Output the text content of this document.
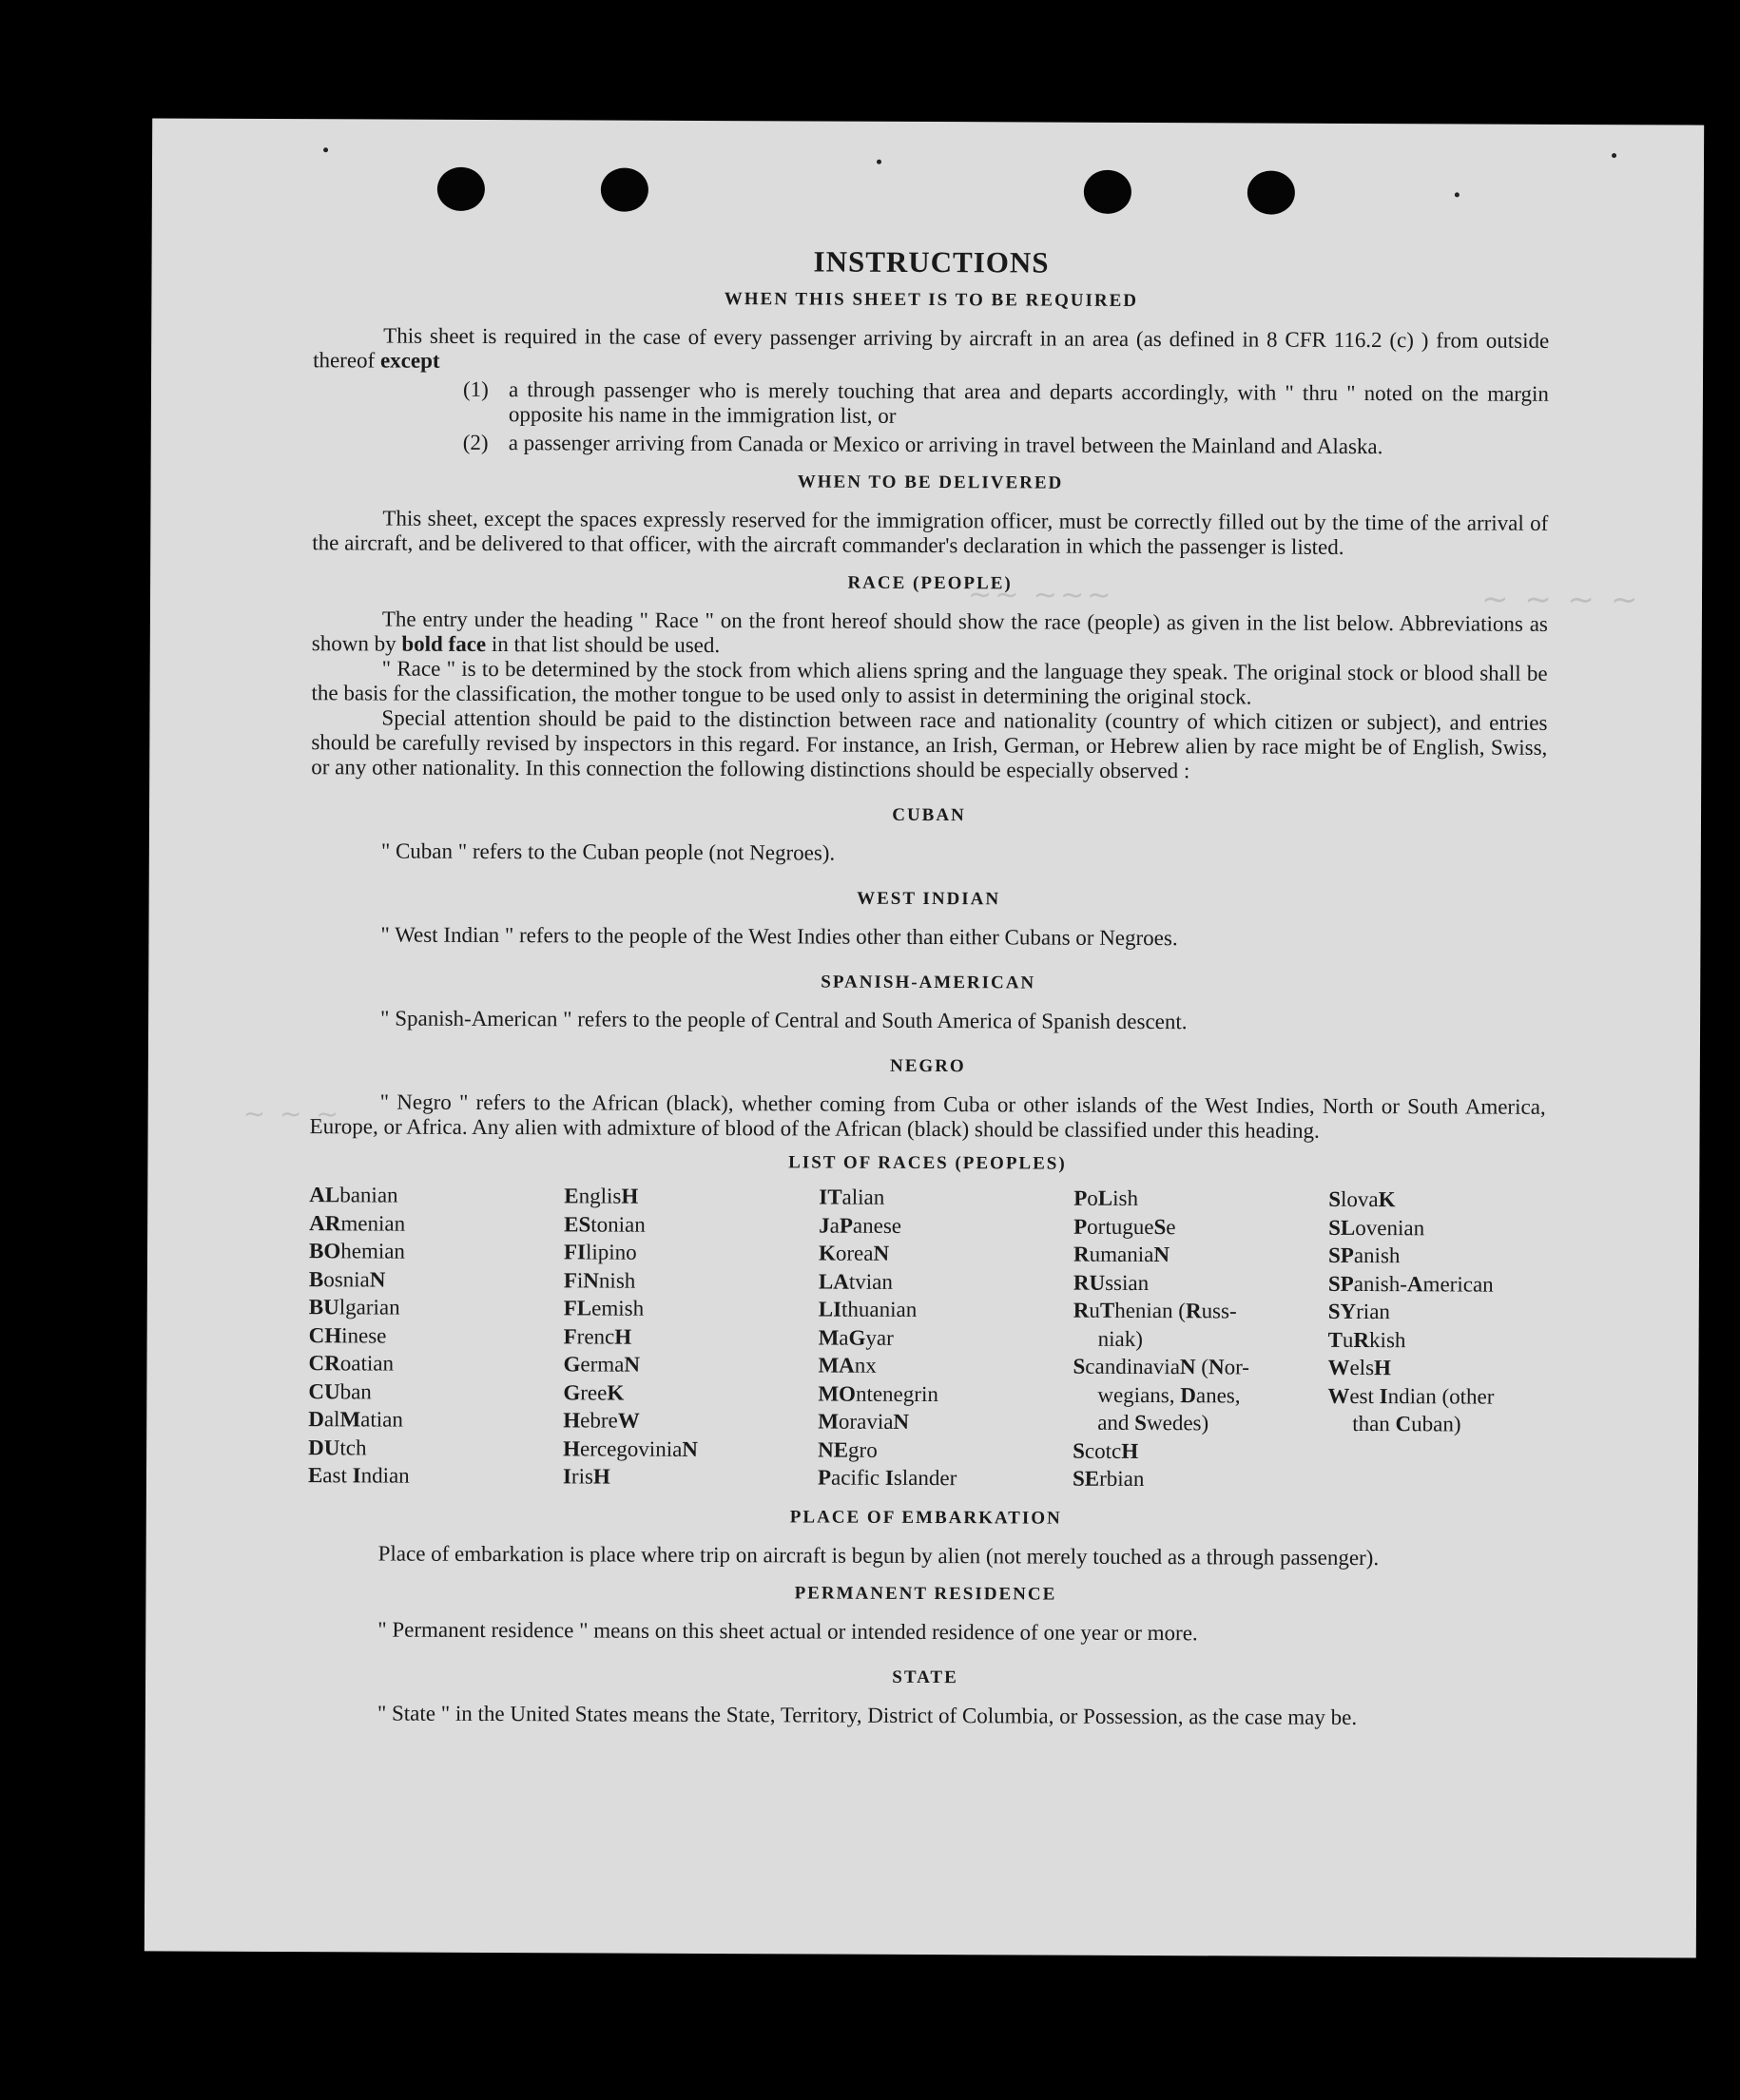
~ ~ ~ ~
~~ ~~~
~ ~ ~
INSTRUCTIONS
WHEN THIS SHEET IS TO BE REQUIRED

This sheet is required in the case of every passenger arriving by aircraft in an area (as defined in 8 CFR 116.2 (c) ) from outside thereof except

(1) a through passenger who is merely touching that area and departs accordingly, with " thru " noted on the margin opposite his name in the immigration list, or
(2) a passenger arriving from Canada or Mexico or arriving in travel between the Mainland and Alaska.
WHEN TO BE DELIVERED

This sheet, except the spaces expressly reserved for the immigration officer, must be correctly filled out by the time of the arrival of the aircraft, and be delivered to that officer, with the aircraft commander's declaration in which the passenger is listed.

RACE (PEOPLE)

The entry under the heading " Race " on the front hereof should show the race (people) as given in the list below. Abbreviations as shown by bold face in that list should be used.

" Race " is to be determined by the stock from which aliens spring and the language they speak. The original stock or blood shall be the basis for the classification, the mother tongue to be used only to assist in determining the original stock.

Special attention should be paid to the distinction between race and nationality (country of which citizen or subject), and entries should be carefully revised by inspectors in this regard. For instance, an Irish, German, or Hebrew alien by race might be of English, Swiss, or any other nationality. In this connection the following distinctions should be especially observed :

CUBAN

" Cuban " refers to the Cuban people (not Negroes).

WEST INDIAN

" West Indian " refers to the people of the West Indies other than either Cubans or Negroes.

SPANISH-AMERICAN

" Spanish-American " refers to the people of Central and South America of Spanish descent.

NEGRO

" Negro " refers to the African (black), whether coming from Cuba or other islands of the West Indies, North or South America, Europe, or Africa. Any alien with admixture of blood of the African (black) should be classified under this heading.

LIST OF RACES (PEOPLES)
ALbanian
ARmenian
BOhemian
BosniaN
BUlgarian
CHinese
CRoatian
CUban
DalMatian
DUtch
East Indian
EnglisH
EStonian
FIlipino
FiNnish
FLemish
FrencH
GermaN
GreeK
HebreW
HercegoviniaN
IrisH
ITalian
JaPanese
KoreaN
LAtvian
LIthuanian
MaGyar
MAnx
MOntenegrin
MoraviaN
NEgro
Pacific Islander
PoLish
PortugueSe
RumaniaN
RUssian
RuThenian (Russ-
niak)
ScandinaviaN (Nor-
wegians, Danes,
and Swedes)
ScotcH
SErbian
SlovaK
SLovenian
SPanish
SPanish-American
SYrian
TuRkish
WelsH
West Indian (other
than Cuban)
PLACE OF EMBARKATION

Place of embarkation is place where trip on aircraft is begun by alien (not merely touched as a through passenger).

PERMANENT RESIDENCE

" Permanent residence " means on this sheet actual or intended residence of one year or more.

STATE

" State " in the United States means the State, Territory, District of Columbia, or Possession, as the case may be.
